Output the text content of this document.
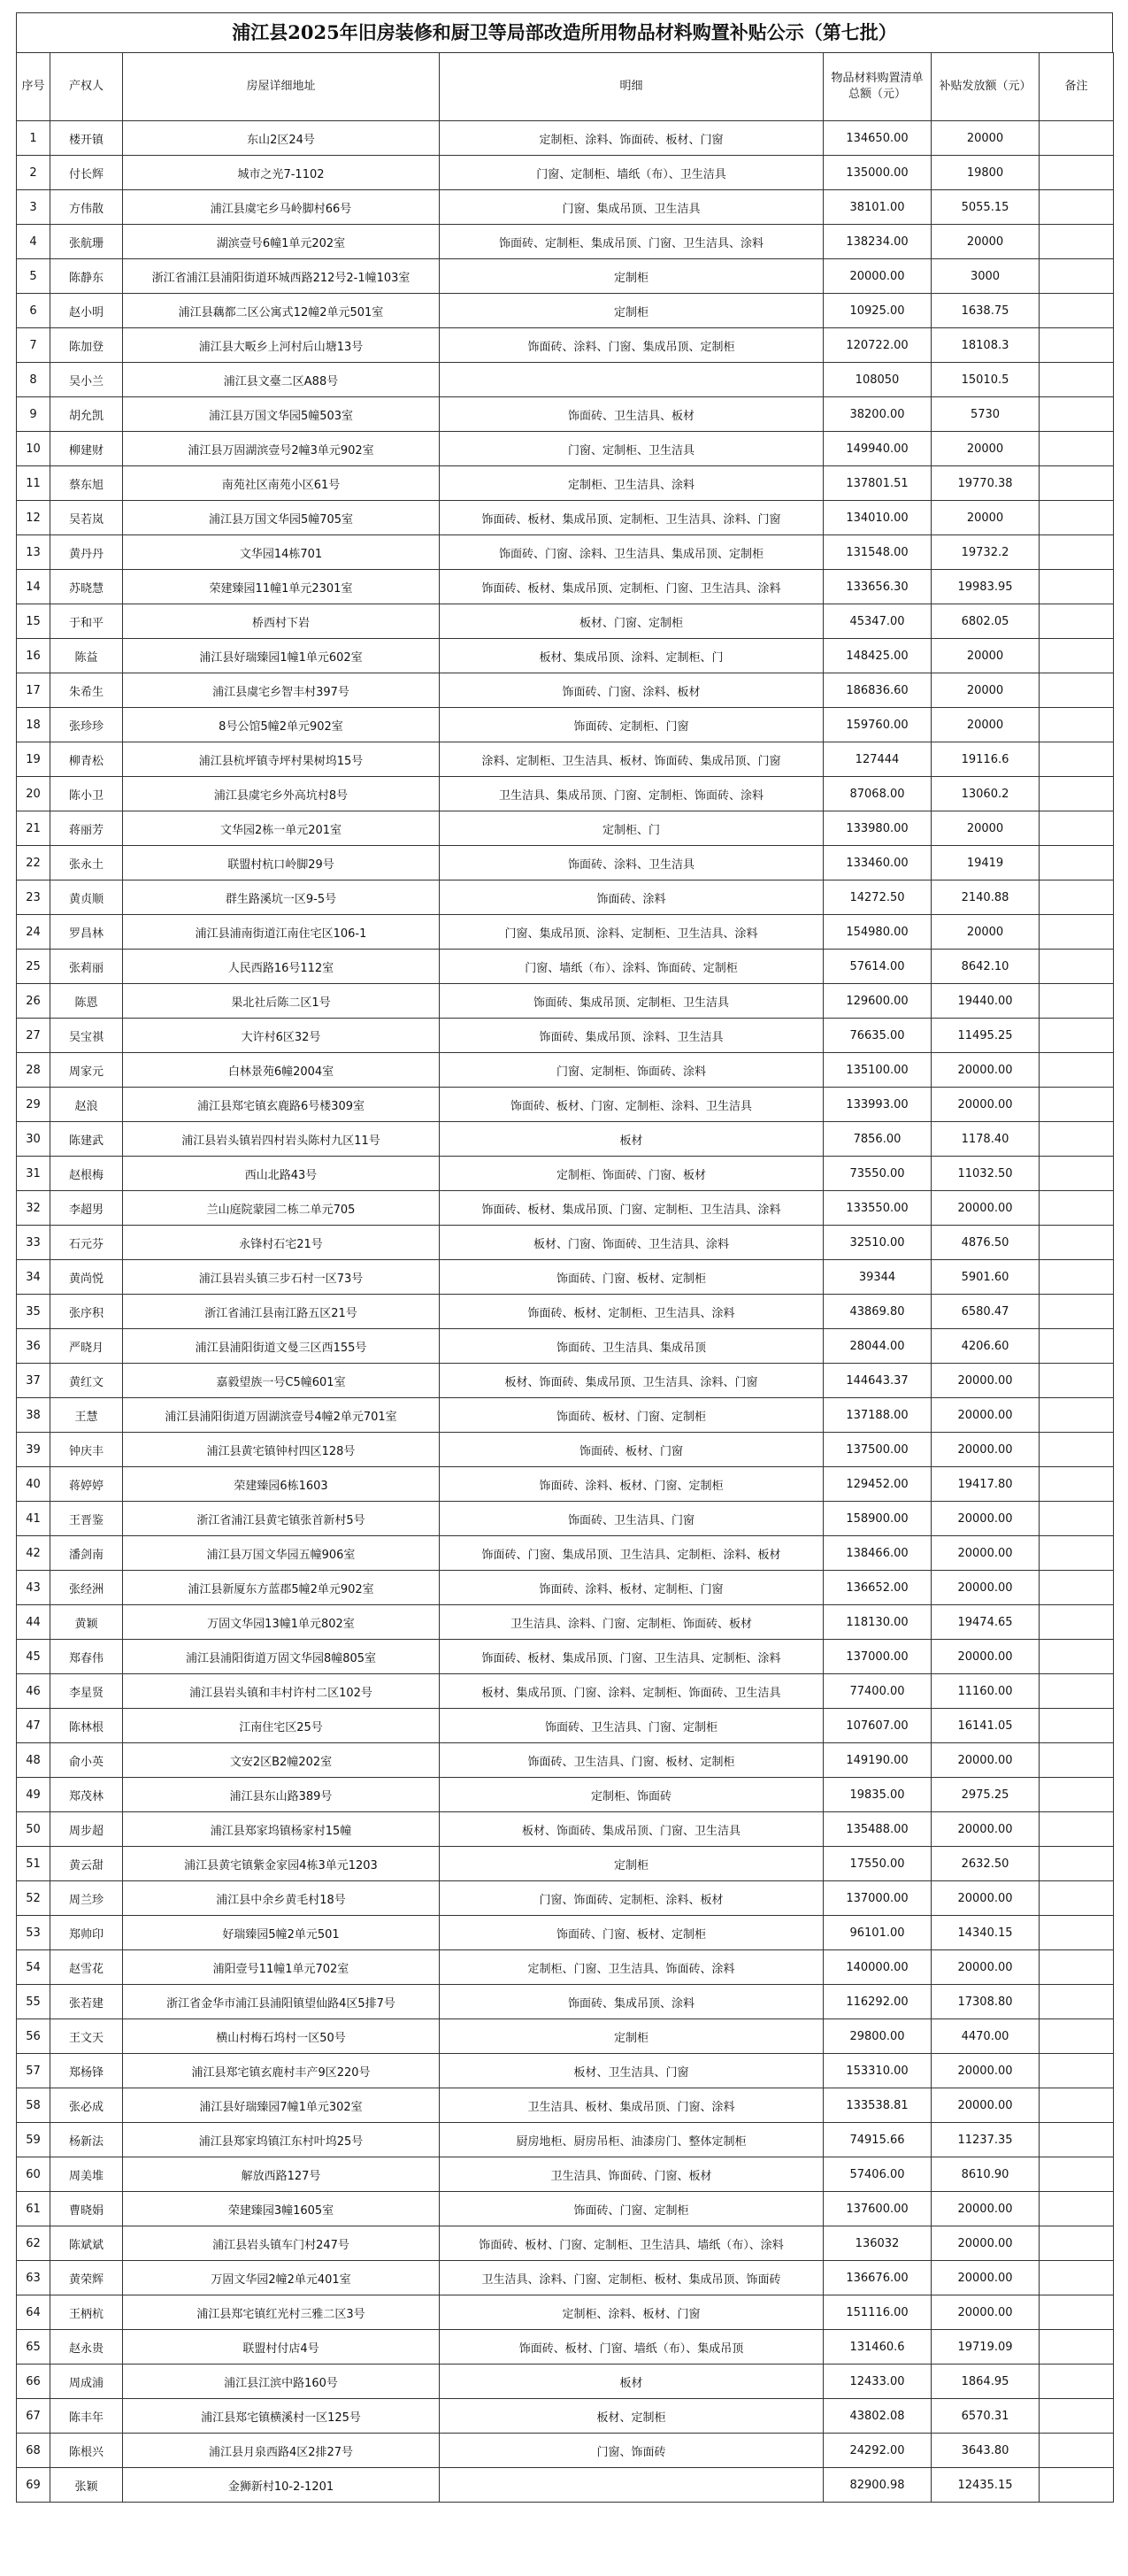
浦江县2025年旧房装修和厨卫等局部改造所用物品材料购置补贴公示（第七批）
序号	产权人	房屋详细地址	明细	物品材料购置清单总额（元）	补贴发放额（元）	备注
1	楼开镇	东山2区24号	定制柜、涂料、饰面砖、板材、门窗	134650.00	20000	
2	付长辉	城市之光7-1102	门窗、定制柜、墙纸（布）、卫生洁具	135000.00	19800	
3	方伟散	浦江县虞宅乡马岭脚村66号	门窗、集成吊顶、卫生洁具	38101.00	5055.15	
4	张航珊	湖滨壹号6幢1单元202室	饰面砖、定制柜、集成吊顶、门窗、卫生洁具、涂料	138234.00	20000	
5	陈静东	浙江省浦江县浦阳街道环城西路212号2-1幢103室	定制柜	20000.00	3000	
6	赵小明	浦江县藕都二区公寓式12幢2单元501室	定制柜	10925.00	1638.75	
7	陈加登	浦江县大畈乡上河村后山塘13号	饰面砖、涂料、门窗、集成吊顶、定制柜	120722.00	18108.3	
8	吴小兰	浦江县文臺二区A88号		108050	15010.5	
9	胡允凯	浦江县万国文华园5幢503室	饰面砖、卫生洁具、板材	38200.00	5730	
10	柳建财	浦江县万固湖滨壹号2幢3单元902室	门窗、定制柜、卫生洁具	149940.00	20000	
11	蔡东旭	南苑社区南苑小区61号	定制柜、卫生洁具、涂料	137801.51	19770.38	
12	吴若岚	浦江县万国文华园5幢705室	饰面砖、板材、集成吊顶、定制柜、卫生洁具、涂料、门窗	134010.00	20000	
13	黄丹丹	文华园14栋701	饰面砖、门窗、涂料、卫生洁具、集成吊顶、定制柜	131548.00	19732.2	
14	苏晓慧	荣建臻园11幢1单元2301室	饰面砖、板材、集成吊顶、定制柜、门窗、卫生洁具、涂料	133656.30	19983.95	
15	于和平	桥西村下岩	板材、门窗、定制柜	45347.00	6802.05	
16	陈益	浦江县好瑞臻园1幢1单元602室	板材、集成吊顶、涂料、定制柜、门	148425.00	20000	
17	朱希生	浦江县虞宅乡智丰村397号	饰面砖、门窗、涂料、板材	186836.60	20000	
18	张珍珍	8号公馆5幢2单元902室	饰面砖、定制柜、门窗	159760.00	20000	
19	柳青松	浦江县杭坪镇寺坪村果树坞15号	涂料、定制柜、卫生洁具、板材、饰面砖、集成吊顶、门窗	127444	19116.6	
20	陈小卫	浦江县虞宅乡外高坑村8号	卫生洁具、集成吊顶、门窗、定制柜、饰面砖、涂料	87068.00	13060.2	
21	蒋丽芳	文华园2栋一单元201室	定制柜、门	133980.00	20000	
22	张永土	联盟村杭口岭脚29号	饰面砖、涂料、卫生洁具	133460.00	19419	
23	黄贞顺	群生路溪坑一区9-5号	饰面砖、涂料	14272.50	2140.88	
24	罗昌林	浦江县浦南街道江南住宅区106-1	门窗、集成吊顶、涂料、定制柜、卫生洁具、涂料	154980.00	20000	
25	张莉丽	人民西路16号112室	门窗、墙纸（布）、涂料、饰面砖、定制柜	57614.00	8642.10	
26	陈恩	果北社后陈二区1号	饰面砖、集成吊顶、定制柜、卫生洁具	129600.00	19440.00	
27	吴宝祺	大许村6区32号	饰面砖、集成吊顶、涂料、卫生洁具	76635.00	11495.25	
28	周家元	白林景苑6幢2004室	门窗、定制柜、饰面砖、涂料	135100.00	20000.00	
29	赵浪	浦江县郑宅镇玄鹿路6号楼309室	饰面砖、板材、门窗、定制柜、涂料、卫生洁具	133993.00	20000.00	
30	陈建武	浦江县岩头镇岩四村岩头陈村九区11号	板材	7856.00	1178.40	
31	赵根梅	西山北路43号	定制柜、饰面砖、门窗、板材	73550.00	11032.50	
32	李超男	兰山庭院蒙园二栋二单元705	饰面砖、板材、集成吊顶、门窗、定制柜、卫生洁具、涂料	133550.00	20000.00	
33	石元芬	永锋村石宅21号	板材、门窗、饰面砖、卫生洁具、涂料	32510.00	4876.50	
34	黄尚悦	浦江县岩头镇三步石村一区73号	饰面砖、门窗、板材、定制柜	39344	5901.60	
35	张序积	浙江省浦江县南江路五区21号	饰面砖、板材、定制柜、卫生洁具、涂料	43869.80	6580.47	
36	严晓月	浦江县浦阳街道文曼三区西155号	饰面砖、卫生洁具、集成吊顶	28044.00	4206.60	
37	黄红文	嘉毅望族一号C5幢601室	板材、饰面砖、集成吊顶、卫生洁具、涂料、门窗	144643.37	20000.00	
38	王慧	浦江县浦阳街道万固湖滨壹号4幢2单元701室	饰面砖、板材、门窗、定制柜	137188.00	20000.00	
39	钟庆丰	浦江县黄宅镇钟村四区128号	饰面砖、板材、门窗	137500.00	20000.00	
40	蒋婷婷	荣建臻园6栋1603	饰面砖、涂料、板材、门窗、定制柜	129452.00	19417.80	
41	王晋鉴	浙江省浦江县黄宅镇张首新村5号	饰面砖、卫生洁具、门窗	158900.00	20000.00	
42	潘剑南	浦江县万国文华园五幢906室	饰面砖、门窗、集成吊顶、卫生洁具、定制柜、涂料、板材	138466.00	20000.00	
43	张经洲	浦江县新厦东方蓝郡5幢2单元902室	饰面砖、涂料、板材、定制柜、门窗	136652.00	20000.00	
44	黄颖	万固文华园13幢1单元802室	卫生洁具、涂料、门窗、定制柜、饰面砖、板材	118130.00	19474.65	
45	郑春伟	浦江县浦阳街道万固文华园8幢805室	饰面砖、板材、集成吊顶、门窗、卫生洁具、定制柜、涂料	137000.00	20000.00	
46	李星贤	浦江县岩头镇和丰村许村二区102号	板材、集成吊顶、门窗、涂料、定制柜、饰面砖、卫生洁具	77400.00	11160.00	
47	陈林根	江南住宅区25号	饰面砖、卫生洁具、门窗、定制柜	107607.00	16141.05	
48	俞小英	文安2区B2幢202室	饰面砖、卫生洁具、门窗、板材、定制柜	149190.00	20000.00	
49	郑茂林	浦江县东山路389号	定制柜、饰面砖	19835.00	2975.25	
50	周步超	浦江县郑家坞镇杨家村15幢	板材、饰面砖、集成吊顶、门窗、卫生洁具	135488.00	20000.00	
51	黄云甜	浦江县黄宅镇紫金家园4栋3单元1203	定制柜	17550.00	2632.50	
52	周兰珍	浦江县中余乡黄毛村18号	门窗、饰面砖、定制柜、涂料、板材	137000.00	20000.00	
53	郑帅印	好瑞臻园5幢2单元501	饰面砖、门窗、板材、定制柜	96101.00	14340.15	
54	赵雪花	浦阳壹号11幢1单元702室	定制柜、门窗、卫生洁具、饰面砖、涂料	140000.00	20000.00	
55	张若建	浙江省金华市浦江县浦阳镇望仙路4区5排7号	饰面砖、集成吊顶、涂料	116292.00	17308.80	
56	王文天	横山村梅石坞村一区50号	定制柜	29800.00	4470.00	
57	郑杨锋	浦江县郑宅镇玄鹿村丰产9区220号	板材、卫生洁具、门窗	153310.00	20000.00	
58	张必成	浦江县好瑞臻园7幢1单元302室	卫生洁具、板材、集成吊顶、门窗、涂料	133538.81	20000.00	
59	杨新法	浦江县郑家坞镇江东村叶坞25号	厨房地柜、厨房吊柜、油漆房门、整体定制柜	74915.66	11237.35	
60	周美堆	解放西路127号	卫生洁具、饰面砖、门窗、板材	57406.00	8610.90	
61	曹晓娟	荣建臻园3幢1605室	饰面砖、门窗、定制柜	137600.00	20000.00	
62	陈斌斌	浦江县岩头镇车门村247号	饰面砖、板材、门窗、定制柜、卫生洁具、墙纸（布）、涂料	136032	20000.00	
63	黄荣辉	万固文华园2幢2单元401室	卫生洁具、涂料、门窗、定制柜、板材、集成吊顶、饰面砖	136676.00	20000.00	
64	王柄杭	浦江县郑宅镇红光村三雅二区3号	定制柜、涂料、板材、门窗	151116.00	20000.00	
65	赵永贵	联盟村付店4号	饰面砖、板材、门窗、墙纸（布）、集成吊顶	131460.6	19719.09	
66	周成浦	浦江县江滨中路160号	板材	12433.00	1864.95	
67	陈丰年	浦江县郑宅镇横溪村一区125号	板材、定制柜	43802.08	6570.31	
68	陈根兴	浦江县月泉西路4区2排27号	门窗、饰面砖	24292.00	3643.80	
69	张颖	金狮新村10-2-1201		82900.98	12435.15	
